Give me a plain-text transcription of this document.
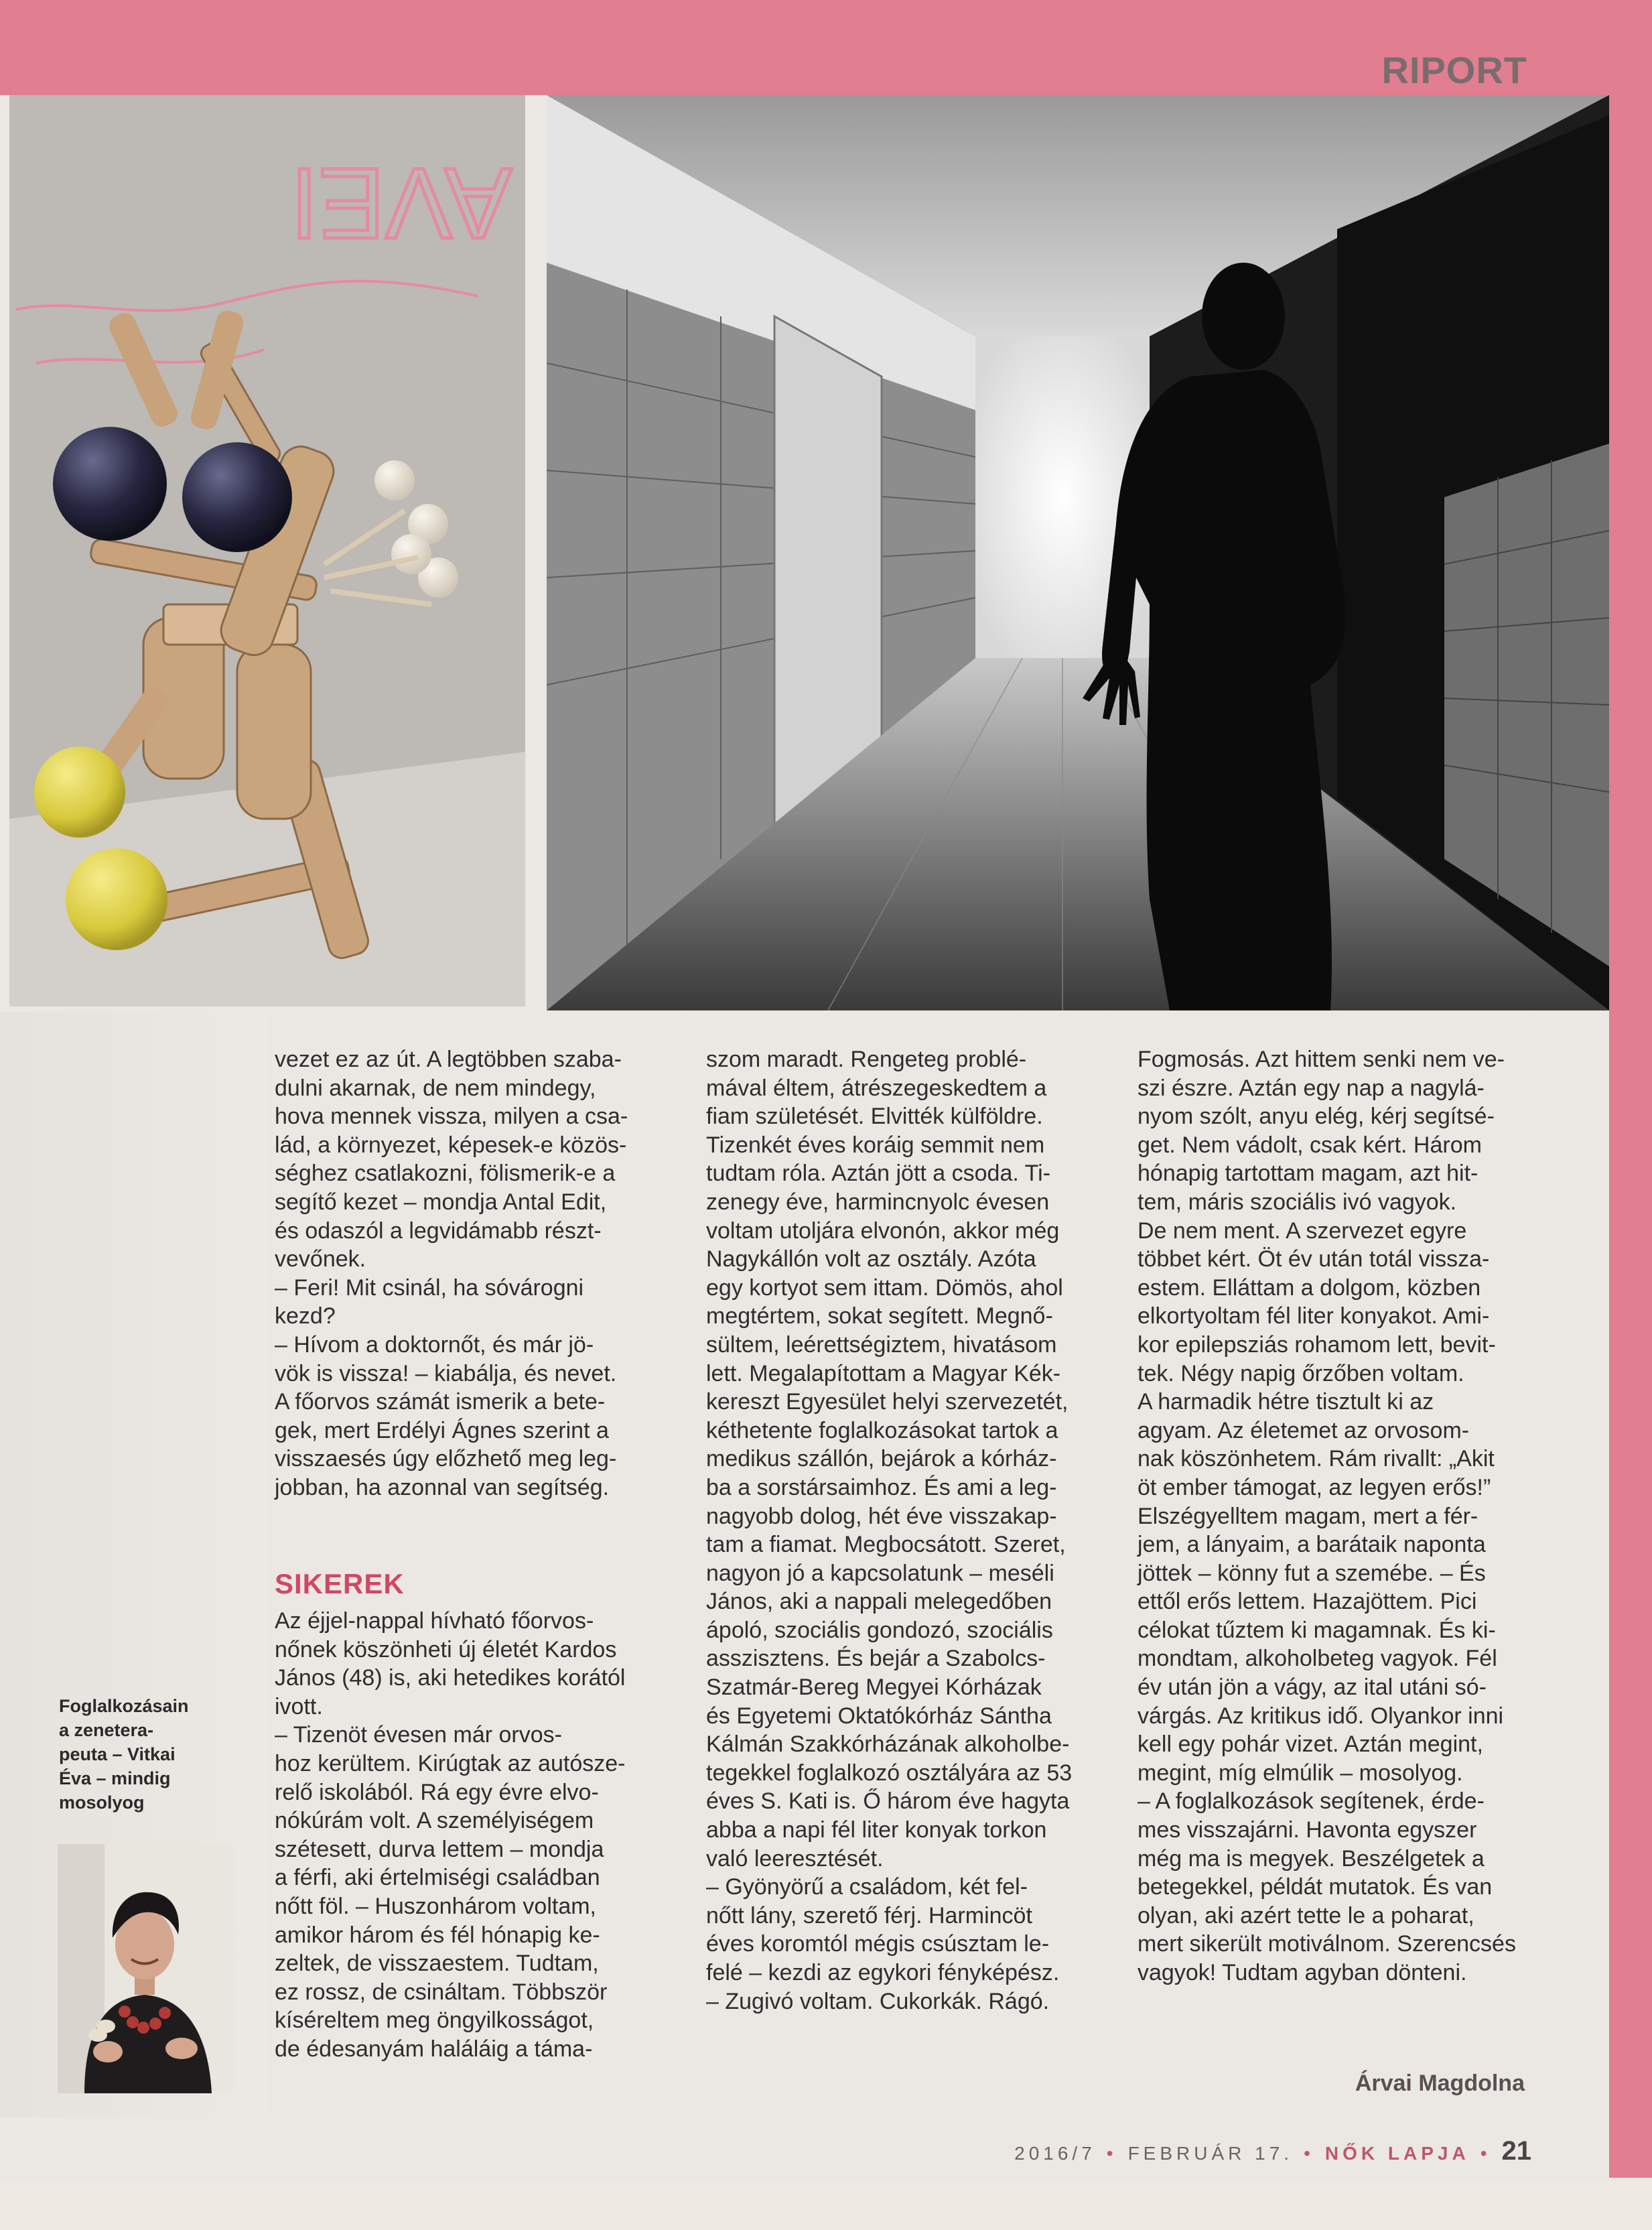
RIPORT
AVEI
vezet ez az út. A legtöbben szaba-
dulni akarnak, de nem mindegy,
hova mennek vissza, milyen a csa-
lád, a környezet, képesek-e közös-
séghez csatlakozni, fölismerik-e a
segítő kezet – mondja Antal Edit,
és odaszól a legvidámabb részt-
vevőnek.
– Feri! Mit csinál, ha sóvárogni
kezd?
– Hívom a doktornőt, és már jö-
vök is vissza! – kiabálja, és nevet.
A főorvos számát ismerik a bete-
gek, mert Erdélyi Ágnes szerint a
visszaesés úgy előzhető meg leg-
jobban, ha azonnal van segítség.
SIKEREK
Az éjjel-nappal hívható főorvos-
nőnek köszönheti új életét Kardos
János (48) is, aki hetedikes korától
ivott.
– Tizenöt évesen már orvos-
hoz kerültem. Kirúgtak az autósze-
relő iskolából. Rá egy évre elvo-
nókúrám volt. A személyiségem
szétesett, durva lettem – mondja
a férfi, aki értelmiségi családban
nőtt föl. – Huszonhárom voltam,
amikor három és fél hónapig ke-
zeltek, de visszaestem. Tudtam,
ez rossz, de csináltam. Többször
kíséreltem meg öngyilkosságot,
de édesanyám haláláig a táma-
szom maradt. Rengeteg problé-
mával éltem, átrészegeskedtem a
fiam születését. Elvitték külföldre.
Tizenkét éves koráig semmit nem
tudtam róla. Aztán jött a csoda. Ti-
zenegy éve, harmincnyolc évesen
voltam utoljára elvonón, akkor még
Nagykállón volt az osztály. Azóta
egy kortyot sem ittam. Dömös, ahol
megtértem, sokat segített. Megnő-
sültem, leérettségiztem, hivatásom
lett. Megalapítottam a Magyar Kék-
kereszt Egyesület helyi szervezetét,
kéthetente foglalkozásokat tartok a
medikus szállón, bejárok a kórház-
ba a sorstársaimhoz. És ami a leg-
nagyobb dolog, hét éve visszakap-
tam a fiamat. Megbocsátott. Szeret,
nagyon jó a kapcsolatunk – meséli
János, aki a nappali melegedőben
ápoló, szociális gondozó, szociális
asszisztens. És bejár a Szabolcs-
Szatmár-Bereg Megyei Kórházak
és Egyetemi Oktatókórház Sántha
Kálmán Szakkórházának alkoholbe-
tegekkel foglalkozó osztályára az 53
éves S. Kati is. Ő három éve hagyta
abba a napi fél liter konyak torkon
való leeresztését.
– Gyönyörű a családom, két fel-
nőtt lány, szerető férj. Harmincöt
éves koromtól mégis csúsztam le-
felé – kezdi az egykori fényképész.
– Zugivó voltam. Cukorkák. Rágó.
Fogmosás. Azt hittem senki nem ve-
szi észre. Aztán egy nap a nagylá-
nyom szólt, anyu elég, kérj segítsé-
get. Nem vádolt, csak kért. Három
hónapig tartottam magam, azt hit-
tem, máris szociális ivó vagyok.
De nem ment. A szervezet egyre
többet kért. Öt év után totál vissza-
estem. Elláttam a dolgom, közben
elkortyoltam fél liter konyakot. Ami-
kor epilepsziás rohamom lett, bevit-
tek. Négy napig őrzőben voltam.
A harmadik hétre tisztult ki az
agyam. Az életemet az orvosom-
nak köszönhetem. Rám rivallt: „Akit
öt ember támogat, az legyen erős!”
Elszégyelltem magam, mert a fér-
jem, a lányaim, a barátaik naponta
jöttek – könny fut a szemébe. – És
ettől erős lettem. Hazajöttem. Pici
célokat tűztem ki magamnak. És ki-
mondtam, alkoholbeteg vagyok. Fél
év után jön a vágy, az ital utáni só-
várgás. Az kritikus idő. Olyankor inni
kell egy pohár vizet. Aztán megint,
megint, míg elmúlik – mosolyog.
– A foglalkozások segítenek, érde-
mes visszajárni. Havonta egyszer
még ma is megyek. Beszélgetek a
betegekkel, példát mutatok. És van
olyan, aki azért tette le a poharat,
mert sikerült motiválnom. Szerencsés
vagyok! Tudtam agyban dönteni.
Foglalkozásain
a zenetera-
peuta – Vitkai
Éva – mindig
mosolyog
Árvai Magdolna
2016/7 • FEBRUÁR 17. • NŐK LAPJA • 21
